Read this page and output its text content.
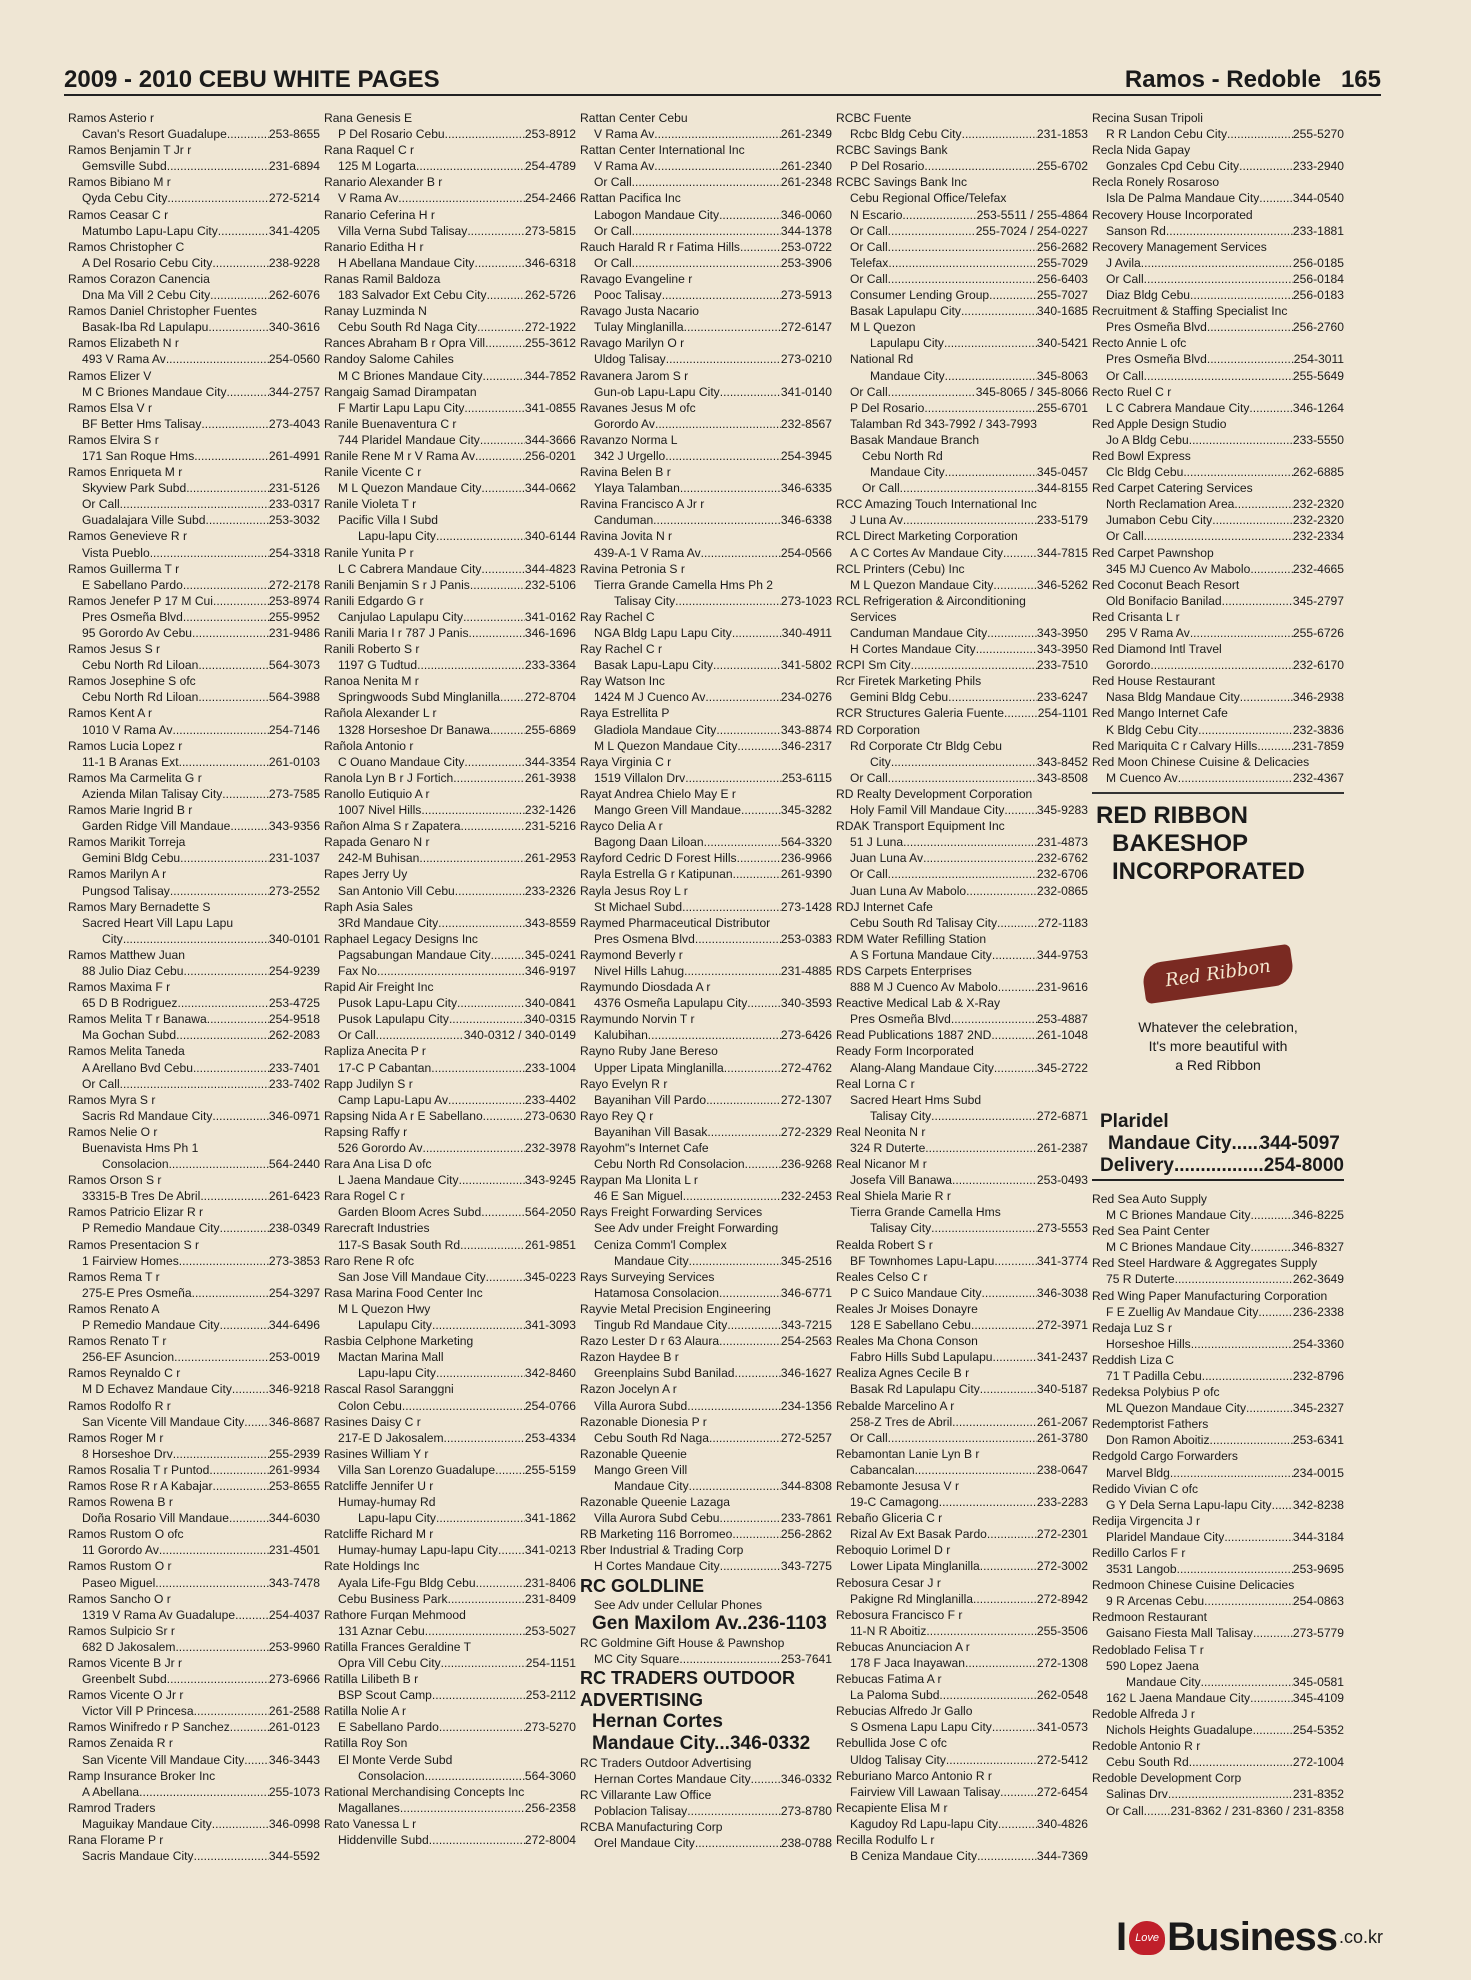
2009 - 2010 CEBU WHITE PAGES	Ramos - Redoble   165
Ramos Asterio r
Cavan's Resort Guadalupe .....	253-8655
Ramos Benjamin T Jr r
Gemsville Subd .....	231-6894
Ramos Bibiano M r
Qyda Cebu City .....	272-5214
Ramos Ceasar C r
Matumbo Lapu-Lapu City .....	341-4205
Ramos Christopher C
A Del Rosario Cebu City .....	238-9228
Ramos Corazon Canencia
Dna Ma Vill 2 Cebu City .....	262-6076
Ramos Daniel Christopher Fuentes
Basak-Iba Rd Lapulapu .....	340-3616
Ramos Elizabeth N r
493 V Rama Av .....	254-0560
Ramos Elizer V
M C Briones Mandaue City .....	344-2757
Ramos Elsa V r
BF Better Hms Talisay .....	273-4043
Ramos Elvira S r
171 San Roque Hms .....	261-4991
Ramos Enriqueta M r
Skyview Park Subd .....	231-5126
Or Call .....	233-0317
Guadalajara Ville Subd .....	253-3032
Ramos Genevieve R r
Vista Pueblo .....	254-3318
Ramos Guillerma T r
E Sabellano Pardo .....	272-2178
Ramos Jenefer P 17 M Cui .....	253-8974
Pres Osmeña Blvd .....	255-9952
95 Gorordo Av Cebu .....	231-9486
Ramos Jesus S r
Cebu North Rd Liloan .....	564-3073
Ramos Josephine S ofc
Cebu North Rd Liloan .....	564-3988
Ramos Kent A r
1010 V Rama Av .....	254-7146
Ramos Lucia Lopez r
11-1 B Aranas Ext .....	261-0103
Ramos Ma Carmelita G r
Azienda Milan Talisay City .....	273-7585
Ramos Marie Ingrid B r
Garden Ridge Vill Mandaue .....	343-9356
Ramos Marikit Torreja
Gemini Bldg Cebu .....	231-1037
Ramos Marilyn A r
Pungsod Talisay .....	273-2552
Ramos Mary Bernadette S
Sacred Heart Vill Lapu Lapu
City .....	340-0101
Ramos Matthew Juan
88 Julio Diaz Cebu .....	254-9239
Ramos Maxima F r
65 D B Rodriguez .....	253-4725
Ramos Melita T r Banawa .....	254-9518
Ma Gochan Subd .....	262-2083
Ramos Melita Taneda
A Arellano Bvd Cebu .....	233-7401
Or Call .....	233-7402
Ramos Myra S r
Sacris Rd Mandaue City .....	346-0971
Ramos Nelie O r
Buenavista Hms Ph 1
Consolacion .....	564-2440
Ramos Orson S r
33315-B Tres De Abril .....	261-6423
Ramos Patricio Elizar R r
P Remedio Mandaue City .....	238-0349
Ramos Presentacion S r
1 Fairview Homes .....	273-3853
Ramos Rema T r
275-E Pres Osmeña .....	254-3297
Ramos Renato A
P Remedio Mandaue City .....	344-6496
Ramos Renato T r
256-EF Asuncion .....	253-0019
Ramos Reynaldo C r
M D Echavez Mandaue City .....	346-9218
Ramos Rodolfo R r
San Vicente Vill Mandaue City ..... 346-8687
Ramos Roger M r
8 Horseshoe Drv .....	255-2939
Ramos Rosalia T r Puntod .....	261-9934
Ramos Rose R r A Kabajar .....	253-8655
Ramos Rowena B r
Doña Rosario Vill Mandaue .....	344-6030
Ramos Rustom O ofc
11 Gorordo Av .....	231-4501
Ramos Rustom O r
Paseo Miguel .....	343-7478
Ramos Sancho O r
1319 V Rama Av Guadalupe .....	254-4037
Ramos Sulpicio Sr r
682 D Jakosalem .....	253-9960
Ramos Vicente B Jr r
Greenbelt Subd .....	273-6966
Ramos Vicente O Jr r
Victor Vill P Princesa .....	261-2588
Ramos Winifredo r P Sanchez .....	261-0123
Ramos Zenaida R r
San Vicente Vill Mandaue City ..... 346-3443
Ramp Insurance Broker Inc
A Abellana .....	255-1073
Ramrod Traders
Maguikay Mandaue City .....	346-0998
Rana Florame P r
Sacris Mandaue City .....	344-5592
Rana Genesis E
P Del Rosario Cebu .....	253-8912
Rana Raquel C r
125 M Logarta .....	254-4789
Ranario Alexander B r
V Rama Av .....	254-2466
Ranario Ceferina H r
Villa Verna Subd Talisay .....	273-5815
Ranario Editha H r
H Abellana Mandaue City .....	346-6318
Ranas Ramil Baldoza
183 Salvador Ext Cebu City .....	262-5726
Ranay Luzminda N
Cebu South Rd Naga City .....	272-1922
Rances Abraham B r Opra Vill .....	255-3612
Randoy Salome Cahiles
M C Briones Mandaue City .....	344-7852
Rangaig Samad Dirampatan
F Martir Lapu Lapu City .....	341-0855
Ranile Buenaventura C r
744 Plaridel Mandaue City .....	344-3666
Ranile Rene M r V Rama Av .....	256-0201
Ranile Vicente C r
M L Quezon Mandaue City .....	344-0662
Ranile Violeta T r
Pacific Villa I Subd
Lapu-lapu City .....	340-6144
Ranile Yunita P r
L C Cabrera Mandaue City .....	344-4823
Ranili Benjamin S r J Panis .....	232-5106
Ranili Edgardo G r
Canjulao Lapulapu City .....	341-0162
Ranili Maria I r 787 J Panis .....	346-1696
Ranili Roberto S r
1197 G Tudtud .....	233-3364
Ranoa Nenita M r
Springwoods Subd Minglanilla ..... 272-8704
Rañola Alexander L r
1328 Horseshoe Dr Banawa .....	255-6869
Rañola Antonio r
C Ouano Mandaue City .....	344-3354
Ranola Lyn B r J Fortich .....	261-3938
Ranollo Eutiquio A r
1007 Nivel Hills .....	232-1426
Rañon Alma S r Zapatera .....	231-5216
Rapada Genaro N r
242-M Buhisan .....	261-2953
Rapes Jerry Uy
San Antonio Vill Cebu .....	233-2326
Raph Asia Sales
3Rd Mandaue City .....	343-8559
Raphael Legacy Designs Inc
Pagsabungan Mandaue City .....	345-0241
Fax No .....	346-9197
Rapid Air Freight Inc
Pusok Lapu-Lapu City .....	340-0841
Pusok Lapulapu City .....	340-0315
Or Call .....	340-0312 / 340-0149
Rapliza Anecita P r
17-C P Cabantan .....	233-1004
Rapp Judilyn S r
Camp Lapu-Lapu Av .....	233-4402
Rapsing Nida A r E Sabellano .....	273-0630
Rapsing Raffy r
526 Gorordo Av .....	232-3978
Rara Ana Lisa D ofc
L Jaena Mandaue City .....	343-9245
Rara Rogel C r
Garden Bloom Acres Subd .....	564-2050
Rarecraft Industries
117-S Basak South Rd .....	261-9851
Raro Rene R ofc
San Jose Vill Mandaue City .....	345-0223
Rasa Marina Food Center Inc
M L Quezon Hwy
Lapulapu City .....	341-3093
Rasbia Celphone Marketing
Mactan Marina Mall
Lapu-lapu City .....	342-8460
Rascal Rasol Saranggni
Colon Cebu .....	254-0766
Rasines Daisy C r
217-E D Jakosalem .....	253-4334
Rasines William Y r
Villa San Lorenzo Guadalupe ..... 255-5159
Ratcliffe Jennifer U r
Humay-humay Rd
Lapu-lapu City .....	341-1862
Ratcliffe Richard M r
Humay-humay Lapu-lapu City ..... 341-0213
Rate Holdings Inc
Ayala Life-Fgu Bldg Cebu .....	231-8406
Cebu Business Park .....	231-8409
Rathore Furqan Mehmood
131 Aznar Cebu .....	253-5027
Ratilla Frances Geraldine T
Opra Vill Cebu City .....	254-1151
Ratilla Lilibeth B r
BSP Scout Camp .....	253-2112
Ratilla Nolie A r
E Sabellano Pardo .....	273-5270
Ratilla Roy Son
El Monte Verde Subd
Consolacion .....	564-3060
Rational Merchandising Concepts Inc
Magallanes .....	256-2358
Rato Vanessa L r
Hiddenville Subd .....	272-8004
Rattan Center Cebu
V Rama Av .....	261-2349
Rattan Center International Inc
V Rama Av .....	261-2340
Or Call .....	261-2348
Rattan Pacifica Inc
Labogon Mandaue City .....	346-0060
Or Call .....	344-1378
Rauch Harald R r Fatima Hills .....	253-0722
Or Call .....	253-3906
Ravago Evangeline r
Pooc Talisay .....	273-5913
Ravago Justa Nacario
Tulay Minglanilla .....	272-6147
Ravago Marilyn O r
Uldog Talisay .....	273-0210
Ravanera Jarom S r
Gun-ob Lapu-Lapu City .....	341-0140
Ravanes Jesus M ofc
Gorordo Av .....	232-8567
Ravanzo Norma L
342 J Urgello .....	254-3945
Ravina Belen B r
Ylaya Talamban .....	346-6335
Ravina Francisco A Jr r
Canduman .....	346-6338
Ravina Jovita N r
439-A-1 V Rama Av .....	254-0566
Ravina Petronia S r
Tierra Grande Camella Hms Ph 2
Talisay City .....	273-1023
Ray Rachel C
NGA Bldg Lapu Lapu City .....	340-4911
Ray Rachel C r
Basak Lapu-Lapu City .....	341-5802
Ray Watson Inc
1424 M J Cuenco Av .....	234-0276
Raya Estrellita P
Gladiola Mandaue City .....	343-8874
M L Quezon Mandaue City .....	346-2317
Raya Virginia C r
1519 Villalon Drv .....	253-6115
Rayat Andrea Chielo May E r
Mango Green Vill Mandaue .....	345-3282
Rayco Delia A r
Bagong Daan Liloan .....	564-3320
Rayford Cedric D Forest Hills .....	236-9966
Rayla Estrella G r Katipunan .....	261-9390
Rayla Jesus Roy L r
St Michael Subd .....	273-1428
Raymed Pharmaceutical Distributor
Pres Osmena Blvd .....	253-0383
Raymond Beverly r
Nivel Hills Lahug .....	231-4885
Raymundo Diosdada A r
4376 Osmeña Lapulapu City .....	340-3593
Raymundo Norvin T r
Kalubihan .....	273-6426
Rayno Ruby Jane Bereso
Upper Lipata Minglanilla .....	272-4762
Rayo Evelyn R r
Bayanihan Vill Pardo .....	272-1307
Rayo Rey Q r
Bayanihan Vill Basak .....	272-2329
Rayohm"s Internet Cafe
Cebu North Rd Consolacion .....	236-9268
Raypan Ma Llonita L r
46 E San Miguel .....	232-2453
Rays Freight Forwarding Services
See Adv under Freight Forwarding
Ceniza Comm'l Complex
Mandaue City .....	345-2516
Rays Surveying Services
Hatamosa Consolacion .....	346-6771
Rayvie Metal Precision Engineering
Tingub Rd Mandaue City .....	343-7215
Razo Lester D r 63 Alaura .....	254-2563
Razon Haydee B r
Greenplains Subd Banilad .....	346-1627
Razon Jocelyn A r
Villa Aurora Subd .....	234-1356
Razonable Dionesia P r
Cebu South Rd Naga .....	272-5257
Razonable Queenie
Mango Green Vill
Mandaue City .....	344-8308
Razonable Queenie Lazaga
Villa Aurora Subd Cebu .....	233-7861
RB Marketing 116 Borromeo .....	256-2862
Rber Industrial & Trading Corp
H Cortes Mandaue City .....	343-7275
RC GOLDLINE
See Adv under Cellular Phones
Gen Maxilom Av..236-1103
RC Goldmine Gift House & Pawnshop
MC City Square .....	253-7641
RC TRADERS OUTDOOR
ADVERTISING
Hernan Cortes
Mandaue City...346-0332
RC Traders Outdoor Advertising
Hernan Cortes Mandaue City .....	346-0332
RC Villarante Law Office
Poblacion Talisay .....	273-8780
RCBA Manufacturing Corp
Orel Mandaue City .....	238-0788
RCBC Fuente
Rcbc Bldg Cebu City .....	231-1853
RCBC Savings Bank
P Del Rosario .....	255-6702
RCBC Savings Bank Inc
Cebu Regional Office/Telefax
N Escario .....	253-5511 / 255-4864
Or Call .....	255-7024 / 254-0227
Or Call .....	256-2682
Telefax .....	255-7029
Or Call .....	256-6403
Consumer Lending Group .....	255-7027
Basak Lapulapu City .....	340-1685
M L Quezon
Lapulapu City .....	340-5421
National Rd
Mandaue City .....	345-8063
Or Call .....	345-8065 / 345-8066
P Del Rosario .....	255-6701
Talamban Rd 343-7992 / 343-7993
Basak Mandaue Branch
Cebu North Rd
Mandaue City .....	345-0457
Or Call .....	344-8155
RCC Amazing Touch International Inc
J Luna Av .....	233-5179
RCL Direct Marketing Corporation
A C Cortes Av Mandaue City .....	344-7815
RCL Printers (Cebu) Inc
M L Quezon Mandaue City .....	346-5262
RCL Refrigeration & Airconditioning
Services
Canduman Mandaue City .....	343-3950
H Cortes Mandaue City .....	343-3950
RCPI Sm City .....	233-7510
Rcr Firetek Marketing Phils
Gemini Bldg Cebu .....	233-6247
RCR Structures Galeria Fuente .....	254-1101
RD Corporation
Rd Corporate Ctr Bldg Cebu
City .....	343-8452
Or Call .....	343-8508
RD Realty Development Corporation
Holy Famil Vill Mandaue City .....	345-9283
RDAK Transport Equipment Inc
51 J Luna .....	231-4873
Juan Luna Av .....	232-6762
Or Call .....	232-6706
Juan Luna Av Mabolo .....	232-0865
RDJ Internet Cafe
Cebu South Rd Talisay City .....	272-1183
RDM Water Refilling Station
A S Fortuna Mandaue City .....	344-9753
RDS Carpets Enterprises
888 M J Cuenco Av Mabolo .....	231-9616
Reactive Medical Lab & X-Ray
Pres Osmeña Blvd .....	253-4887
Read Publications 1887 2ND .....	261-1048
Ready Form Incorporated
Alang-Alang Mandaue City .....	345-2722
Real Lorna C r
Sacred Heart Hms Subd
Talisay City .....	272-6871
Real Neonita N r
324 R Duterte .....	261-2387
Real Nicanor M r
Josefa Vill Banawa .....	253-0493
Real Shiela Marie R r
Tierra Grande Camella Hms
Talisay City .....	273-5553
Realda Robert S r
BF Townhomes Lapu-Lapu .....	341-3774
Reales Celso C r
P C Suico Mandaue City .....	346-3038
Reales Jr Moises Donayre
128 E Sabellano Cebu .....	272-3971
Reales Ma Chona Conson
Fabro Hills Subd Lapulapu .....	341-2437
Realiza Agnes Cecile B r
Basak Rd Lapulapu City .....	340-5187
Rebalde Marcelino A r
258-Z Tres de Abril .....	261-2067
Or Call .....	261-3780
Rebamontan Lanie Lyn B r
Cabancalan .....	238-0647
Rebamonte Jesusa V r
19-C Camagong .....	233-2283
Rebaño Gliceria C r
Rizal Av Ext Basak Pardo .....	272-2301
Reboquio Lorimel D r
Lower Lipata Minglanilla .....	272-3002
Rebosura Cesar J r
Pakigne Rd Minglanilla .....	272-8942
Rebosura Francisco F r
11-N R Aboitiz .....	255-3506
Rebucas Anunciacion A r
178 F Jaca Inayawan .....	272-1308
Rebucas Fatima A r
La Paloma Subd .....	262-0548
Rebucias Alfredo Jr Gallo
S Osmena Lapu Lapu City .....	341-0573
Rebullida Jose C ofc
Uldog Talisay City .....	272-5412
Reburiano Marco Antonio R r
Fairview Vill Lawaan Talisay .....	272-6454
Recapiente Elisa M r
Kagudoy Rd Lapu-lapu City .....	340-4826
Recilla Rodulfo L r
B Ceniza Mandaue City .....	344-7369
Recina Susan Tripoli
R R Landon Cebu City .....	255-5270
Recla Nida Gapay
Gonzales Cpd Cebu City .....	233-2940
Recla Ronely Rosaroso
Isla De Palma Mandaue City .....	344-0540
Recovery House Incorporated
Sanson Rd .....	233-1881
Recovery Management Services
J Avila .....	256-0185
Or Call .....	256-0184
Diaz Bldg Cebu .....	256-0183
Recruitment & Staffing Specialist Inc
Pres Osmeña Blvd .....	256-2760
Recto Annie L ofc
Pres Osmeña Blvd .....	254-3011
Or Call .....	255-5649
Recto Ruel C r
L C Cabrera Mandaue City .....	346-1264
Red Apple Design Studio
Jo A Bldg Cebu .....	233-5550
Red Bowl Express
Clc Bldg Cebu .....	262-6885
Red Carpet Catering Services
North Reclamation Area .....	232-2320
Jumabon Cebu City .....	232-2320
Or Call .....	232-2334
Red Carpet Pawnshop
345 MJ Cuenco Av Mabolo .....	232-4665
Red Coconut Beach Resort
Old Bonifacio Banilad .....	345-2797
Red Crisanta L r
295 V Rama Av .....	255-6726
Red Diamond Intl Travel
Gorordo .....	232-6170
Red House Restaurant
Nasa Bldg Mandaue City .....	346-2938
Red Mango Internet Cafe
K Bldg Cebu City .....	232-3836
Red Mariquita C r Calvary Hills .....	231-7859
Red Moon Chinese Cuisine & Delicacies
M Cuenco Av .....	232-4367
RED RIBBON
BAKESHOP
INCORPORATED
Red Ribbon
Whatever the celebration,
It's more beautiful with
a Red Ribbon
Plaridel
Mandaue City ..... 344-5097
Delivery .....	254-8000
Red Sea Auto Supply
M C Briones Mandaue City .....	346-8225
Red Sea Paint Center
M C Briones Mandaue City .....	346-8327
Red Steel Hardware & Aggregates Supply
75 R Duterte .....	262-3649
Red Wing Paper Manufacturing Corporation
F E Zuellig Av Mandaue City .....	236-2338
Redaja Luz S r
Horseshoe Hills .....	254-3360
Reddish Liza C
71 T Padilla Cebu .....	232-8796
Redeksa Polybius P ofc
ML Quezon Mandaue City .....	345-2327
Redemptorist Fathers
Don Ramon Aboitiz .....	253-6341
Redgold Cargo Forwarders
Marvel Bldg .....	234-0015
Redido Vivian C ofc
G Y Dela Serna Lapu-lapu City ..... 342-8238
Redija Virgencita J r
Plaridel Mandaue City .....	344-3184
Redillo Carlos F r
3531 Langob .....	253-9695
Redmoon Chinese Cuisine Delicacies
9 R Arcenas Cebu .....	254-0863
Redmoon Restaurant
Gaisano Fiesta Mall Talisay .....	273-5779
Redoblado Felisa T r
590 Lopez Jaena
Mandaue City .....	345-0581
162 L Jaena Mandaue City .....	345-4109
Redoble Alfreda J r
Nichols Heights Guadalupe .....	254-5352
Redoble Antonio R r
Cebu South Rd .....	272-1004
Redoble Development Corp
Salinas Drv .....	231-8352
Or Call ..... 231-8362 / 231-8360 / 231-8358
I Love Business .co.kr
